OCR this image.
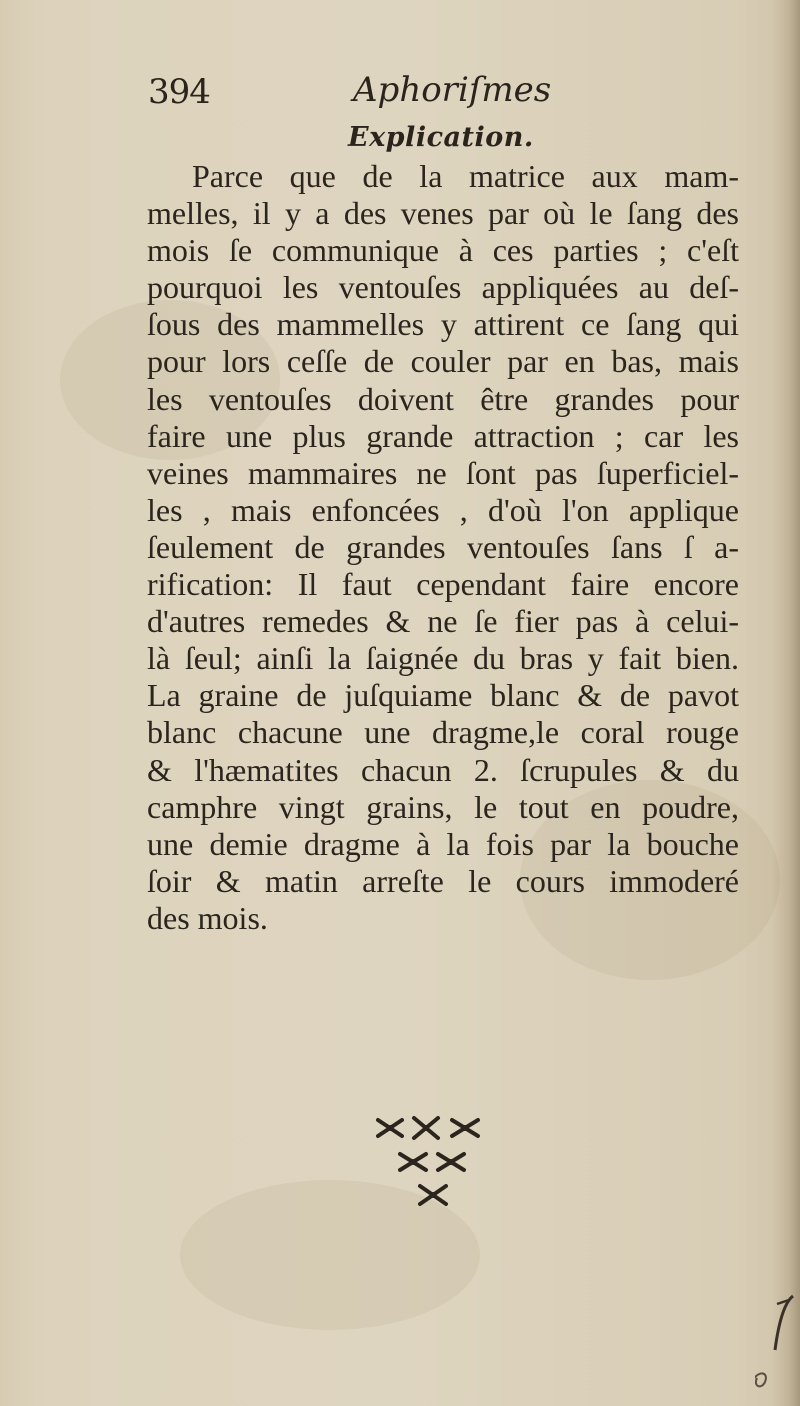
394	Aphoriſmes
Explication.
Parce que de la matrice aux mam-
melles, il y a des venes par où le ſang des
mois ſe communique à ces parties ; c'eſt
pourquoi les ventouſes appliquées au deſ-
ſous des mammelles y attirent ce ſang qui
pour lors ceſſe de couler par en bas, mais
les ventouſes doivent être grandes pour
faire une plus grande attraction ; car les
veines mammaires ne ſont pas ſuperficiel-
les , mais enfoncées , d'où l'on applique
ſeulement de grandes ventouſes ſans ſ a-
rification: Il faut cependant faire encore
d'autres remedes & ne ſe fier pas à celui-
là ſeul; ainſi la ſaignée du bras y fait bien.
La graine de juſquiame blanc & de pavot
blanc chacune une dragme,le coral rouge
& l'hæmatites chacun 2. ſcrupules & du
camphre vingt grains, le tout en poudre,
une demie dragme à la fois par la bouche
ſoir & matin arreſte le cours immoderé
des mois.
